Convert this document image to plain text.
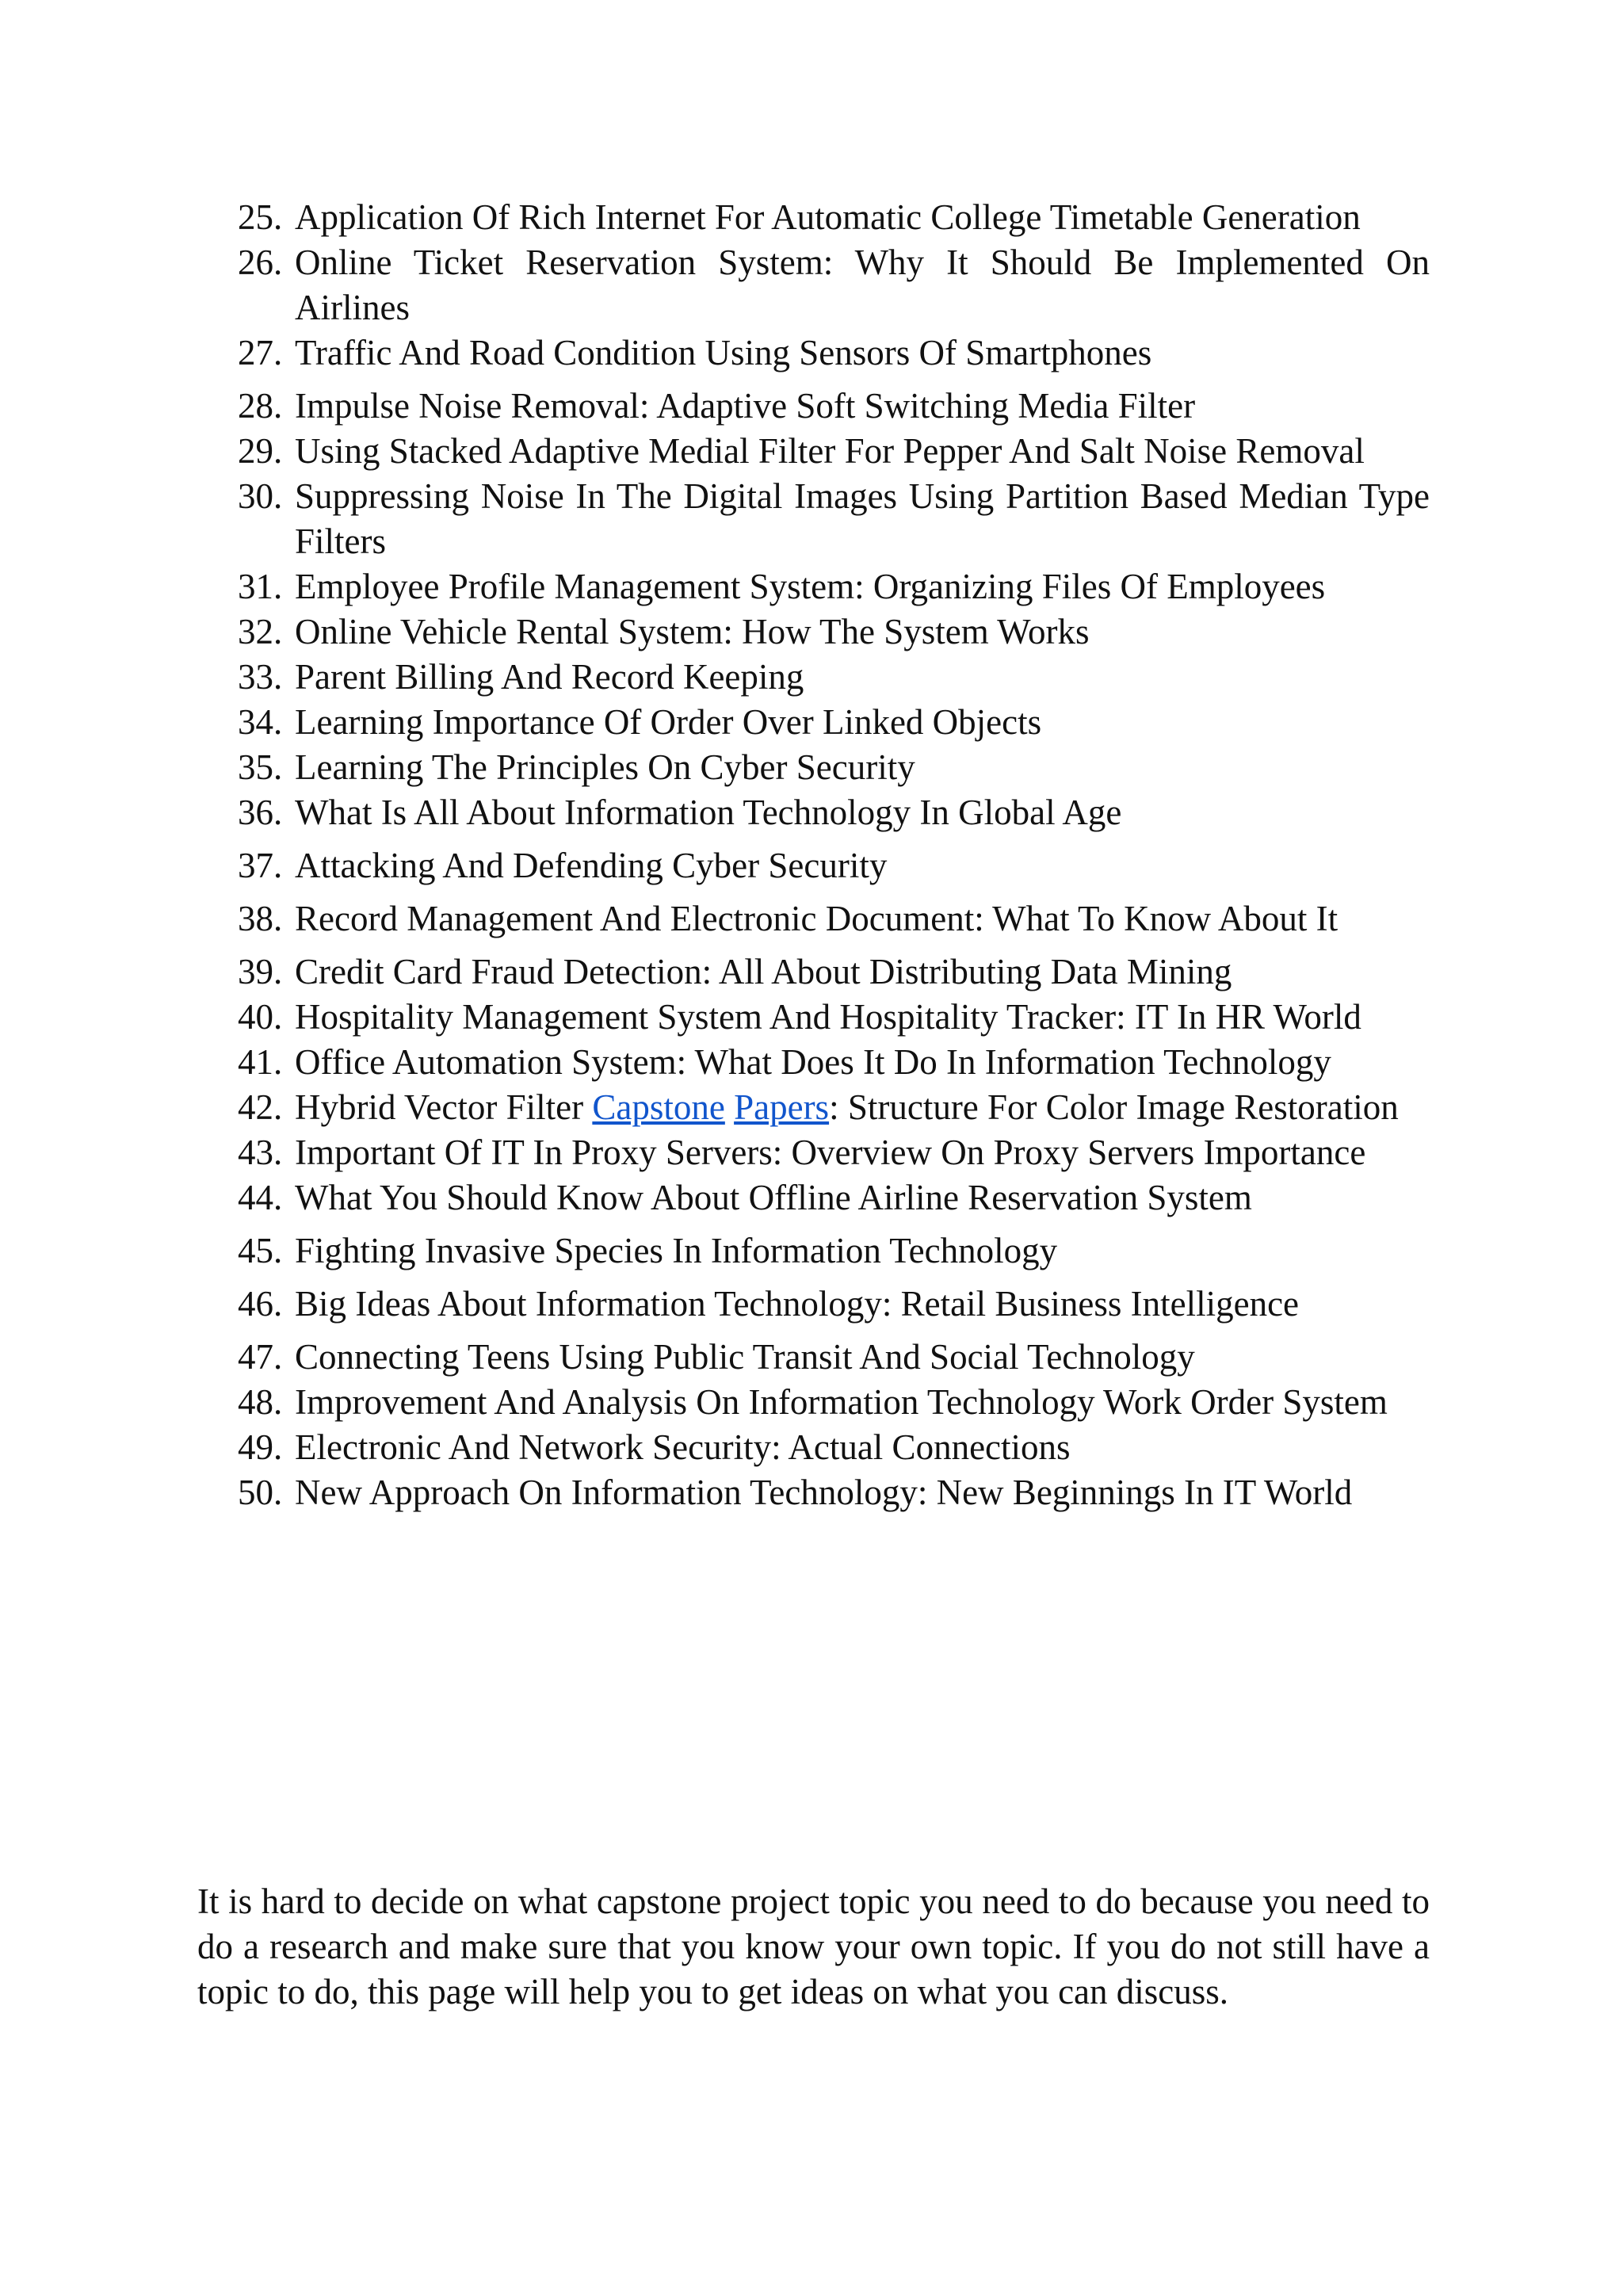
25. Application Of Rich Internet For Automatic College Timetable Generation
26. Online Ticket Reservation System: Why It Should Be Implemented On Airlines
27. Traffic And Road Condition Using Sensors Of Smartphones
28. Impulse Noise Removal: Adaptive Soft Switching Media Filter
29. Using Stacked Adaptive Medial Filter For Pepper And Salt Noise Removal
30. Suppressing Noise In The Digital Images Using Partition Based Median Type Filters
31. Employee Profile Management System: Organizing Files Of Employees
32. Online Vehicle Rental System: How The System Works
33. Parent Billing And Record Keeping
34. Learning Importance Of Order Over Linked Objects
35. Learning The Principles On Cyber Security
36. What Is All About Information Technology In Global Age
37. Attacking And Defending Cyber Security
38. Record Management And Electronic Document: What To Know About It
39. Credit Card Fraud Detection: All About Distributing Data Mining
40. Hospitality Management System And Hospitality Tracker: IT In HR World
41. Office Automation System: What Does It Do In Information Technology
42. Hybrid Vector Filter Capstone Papers: Structure For Color Image Restoration
43. Important Of IT In Proxy Servers: Overview On Proxy Servers Importance
44. What You Should Know About Offline Airline Reservation System
45. Fighting Invasive Species In Information Technology
46. Big Ideas About Information Technology: Retail Business Intelligence
47. Connecting Teens Using Public Transit And Social Technology
48. Improvement And Analysis On Information Technology Work Order System
49. Electronic And Network Security: Actual Connections
50. New Approach On Information Technology: New Beginnings In IT World

It is hard to decide on what capstone project topic you need to do because you need to do a research and make sure that you know your own topic. If you do not still have a topic to do, this page will help you to get ideas on what you can discuss.
